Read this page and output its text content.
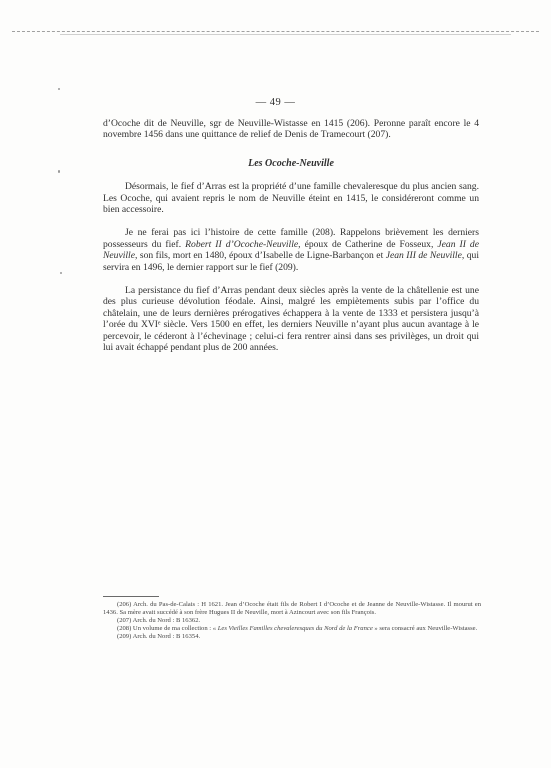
— 49 —

d’Ocoche dit de Neuville, sgr de Neuville-Wistasse en 1415 (206). Peronne paraît encore le 4 novembre 1456 dans une quittance de relief de Denis de Tramecourt (207).

Les Ocoche-Neuville

Désormais, le fief d’Arras est la propriété d’une famille chevaleresque du plus ancien sang. Les Ocoche, qui avaient repris le nom de Neuville éteint en 1415, le considéreront comme un bien accessoire.

Je ne ferai pas ici l’histoire de cette famille (208). Rappelons brièvement les derniers possesseurs du fief. Robert II d’Ocoche-Neuville, époux de Catherine de Fosseux, Jean II de Neuville, son fils, mort en 1480, époux d’Isabelle de Ligne-Barbançon et Jean III de Neuville, qui servira en 1496, le dernier rapport sur le fief (209).

La persistance du fief d’Arras pendant deux siècles après la vente de la châtellenie est une des plus curieuse dévolution féodale. Ainsi, malgré les empiètements subis par l’office du châtelain, une de leurs dernières prérogatives échappera à la vente de 1333 et persistera jusqu’à l’orée du XVIᵉ siècle. Vers 1500 en effet, les derniers Neuville n’ayant plus aucun avantage à le percevoir, le céderont à l’échevinage ; celui-ci fera rentrer ainsi dans ses privilèges, un droit qui lui avait échappé pendant plus de 200 années.

(206) Arch. du Pas-de-Calais : H 1621. Jean d’Ocoche était fils de Robert I d’Ocoche et de Jeanne de Neuville-Wistasse. Il mourut en 1436. Sa mère avait succédé à son frère Hugues II de Neuville, mort à Azincourt avec son fils François.

(207) Arch. du Nord : B 16362.

(208) Un volume de ma collection : « Les Vieilles Familles chevaleresques du Nord de la France » sera consacré aux Neuville-Wistasse.

(209) Arch. du Nord : B 16354.
